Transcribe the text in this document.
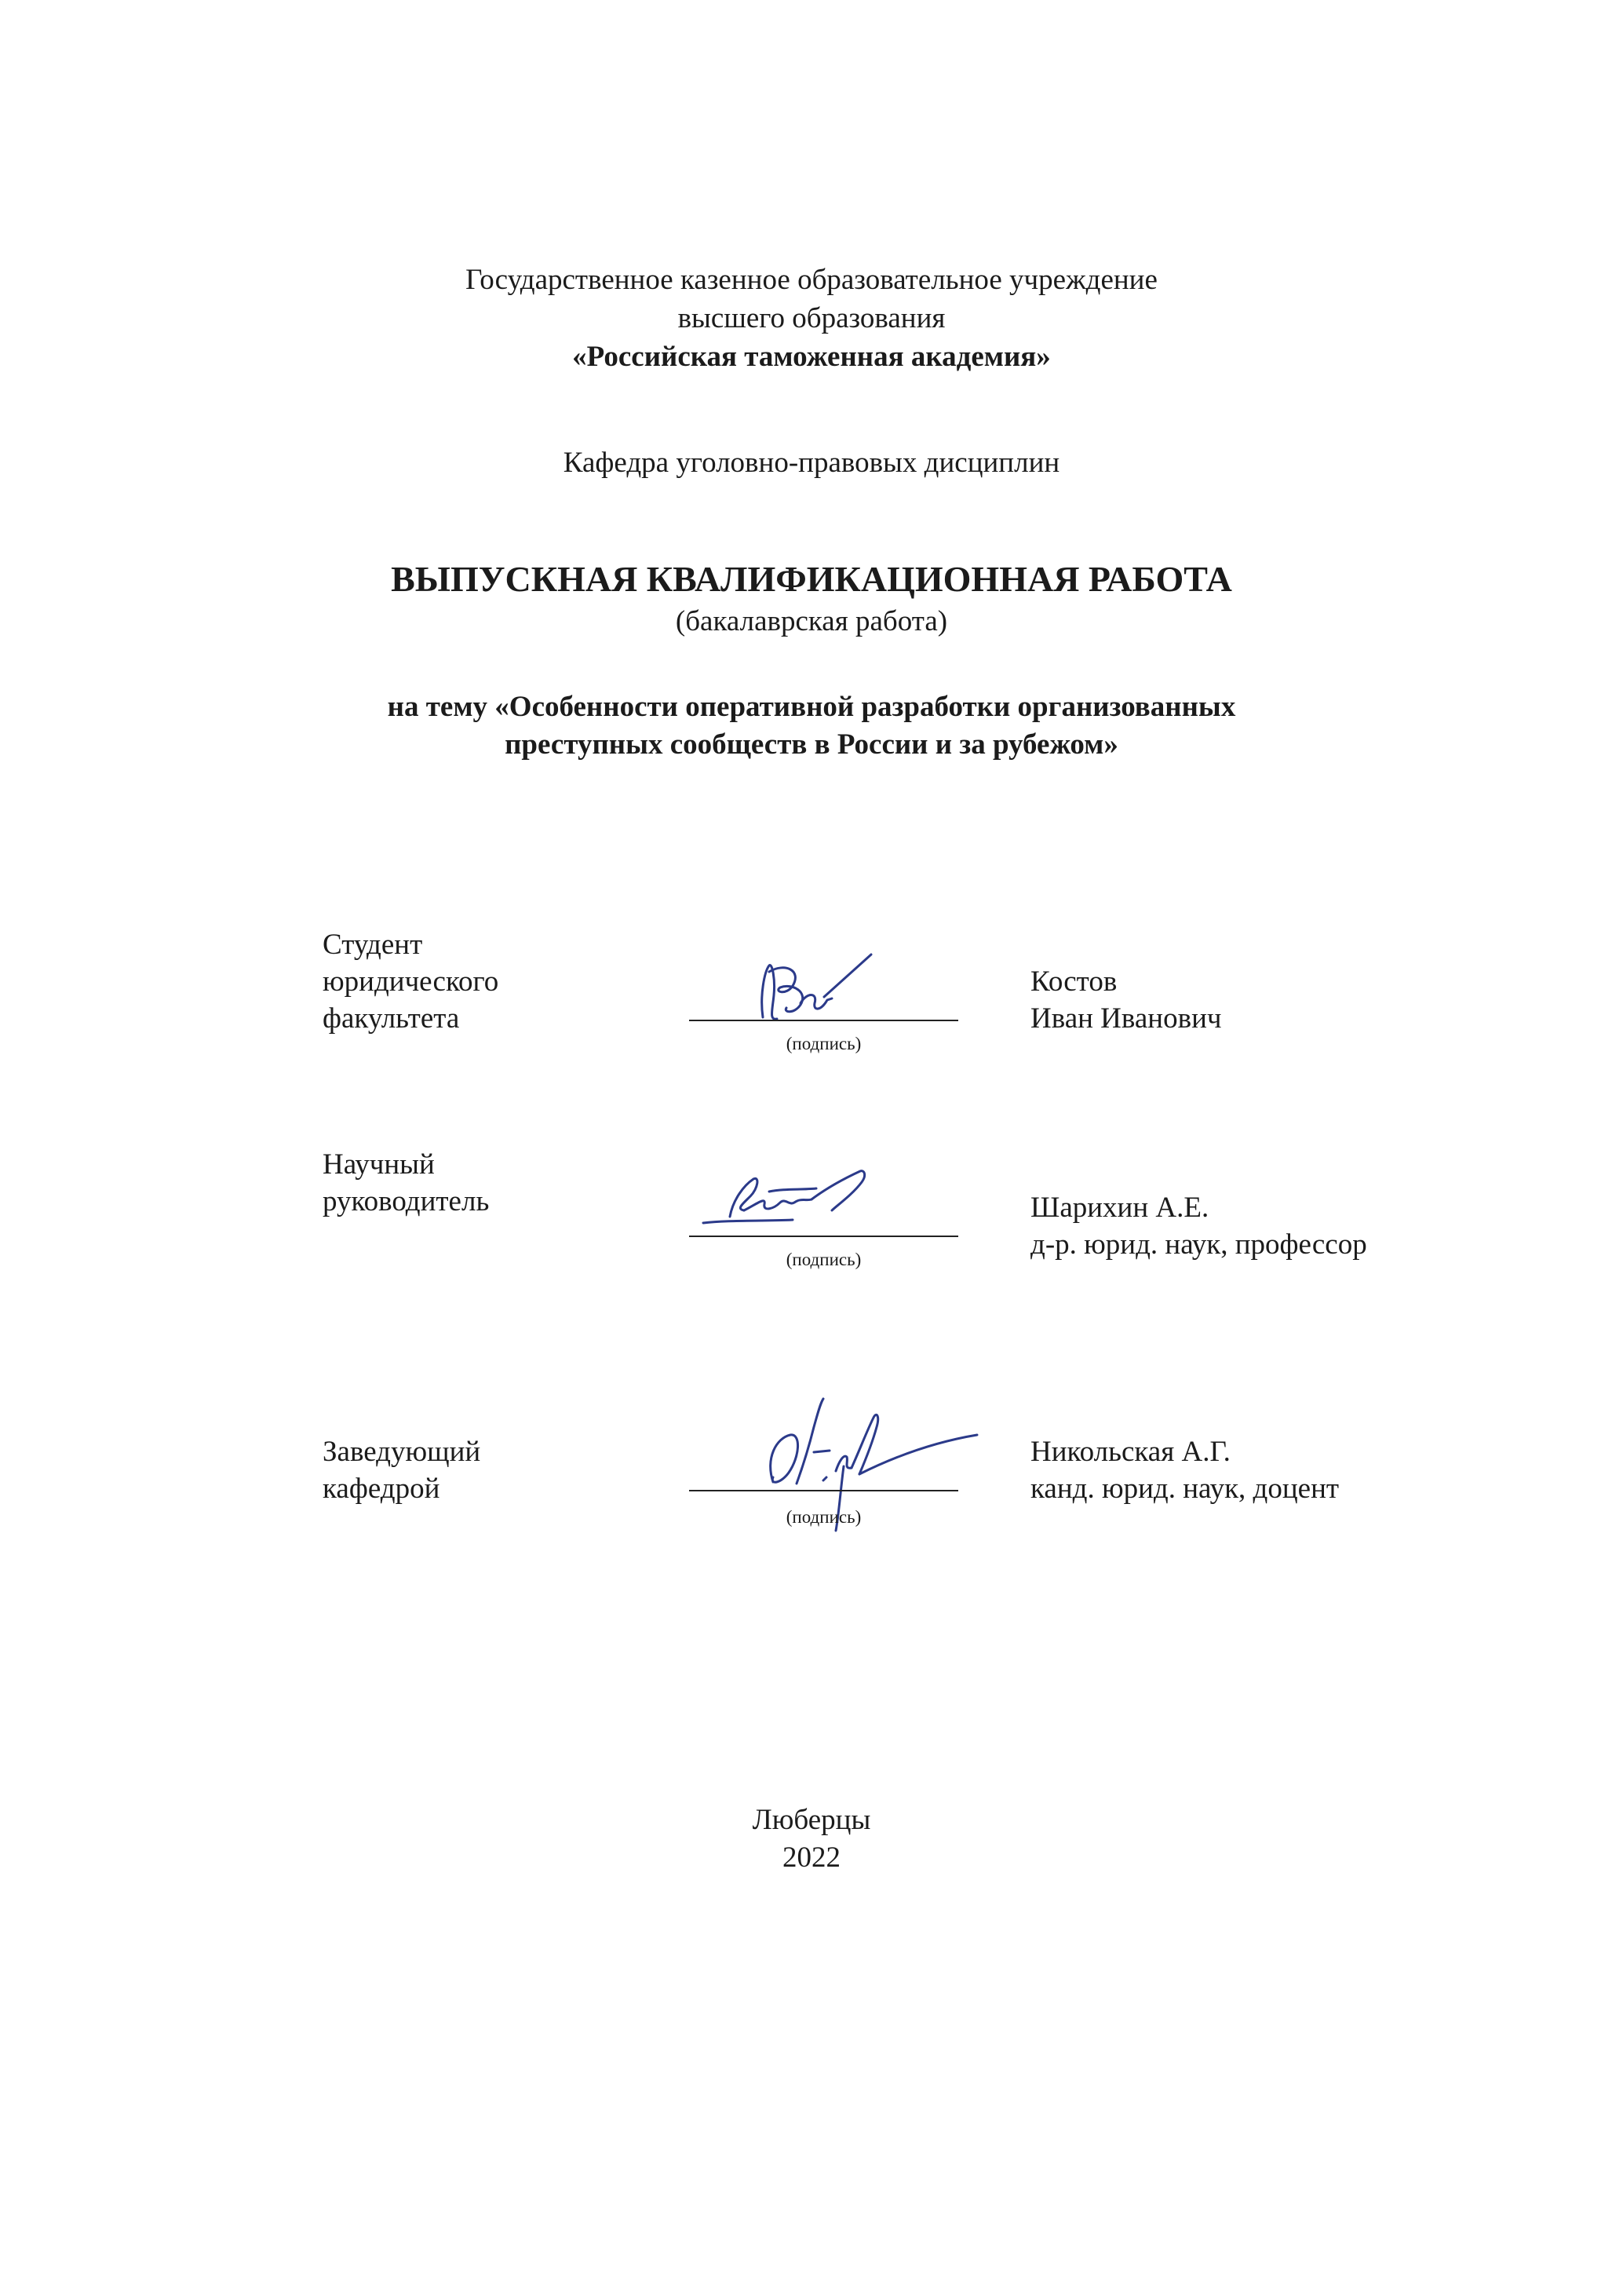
Государственное казенное образовательное учреждение
высшего образования
«Российская таможенная академия»
Кафедра уголовно-правовых дисциплин
ВЫПУСКНАЯ КВАЛИФИКАЦИОННАЯ РАБОТА
(бакалаврская работа)
на тему «Особенности оперативной разработки организованных
преступных сообществ в России и за рубежом»
Студент
юридического
факультета
(подпись)
Костов
Иван Иванович
Научный
руководитель
(подпись)
Шарихин А.Е.
д-р. юрид. наук, профессор
Заведующий
кафедрой
(подпись)
Никольская А.Г.
канд. юрид. наук, доцент
Люберцы
2022
